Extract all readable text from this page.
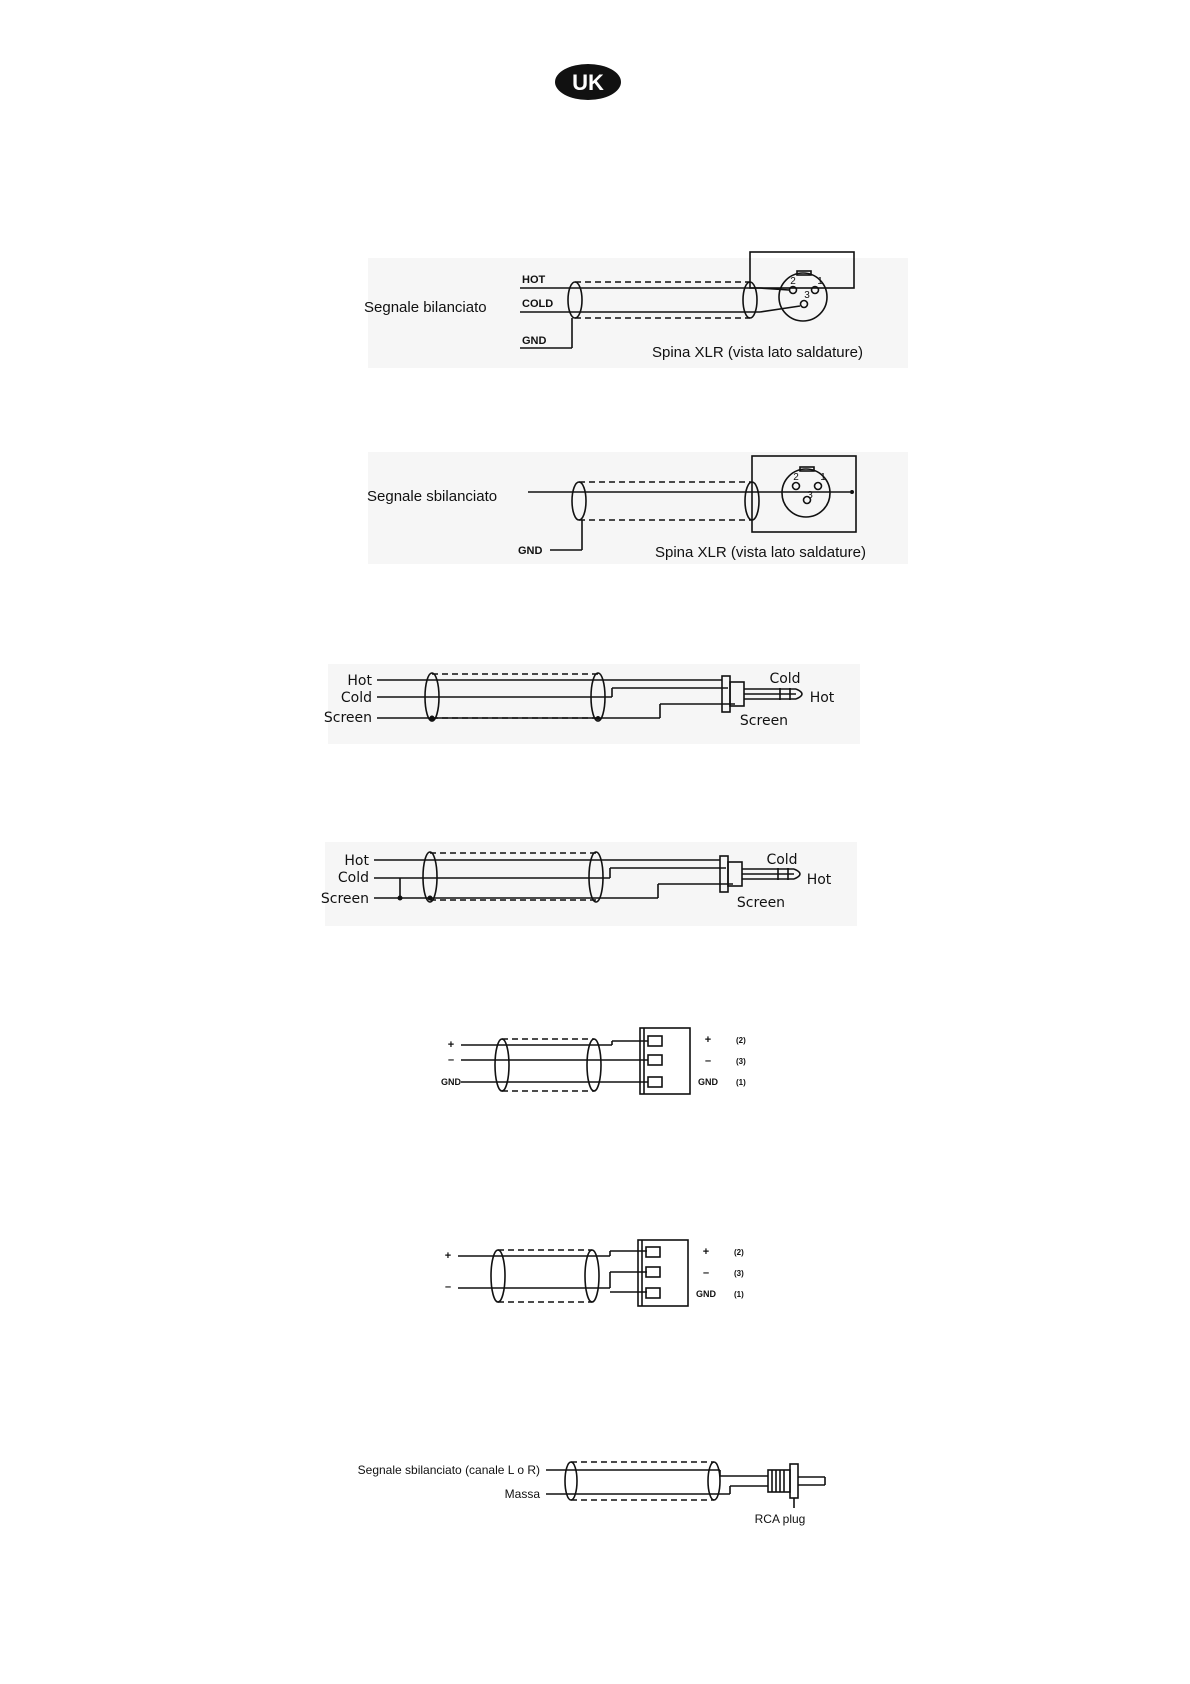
UK
Segnale bilanciato
HOT
COLD
GND
2 1
3
Spina XLR (vista lato saldature)
Segnale sbilanciato
2 1
3
GND	Spina XLR (vista lato saldature)
Hot
Cold
Screen
Cold
Hot
Screen
Hot
Cold
Screen
Cold
Hot
Screen
+
–
GND
+
–
GND
(2)
(3)
(1)
+
–
+
–
GND
(2)
(3)
(1)
Segnale sbilanciato (canale L o R)
Massa
RCA plug
